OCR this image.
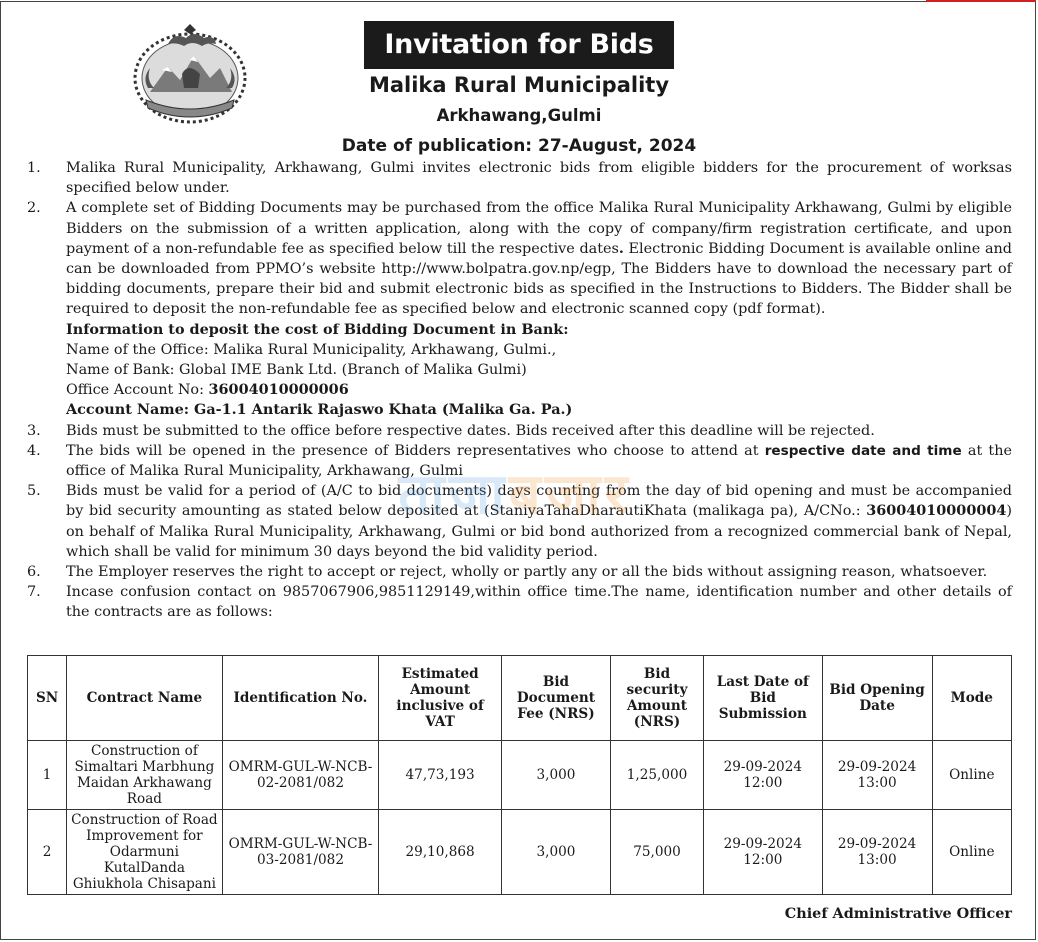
Invitation for Bids
Malika Rural Municipality
Arkhawang,Gulmi
Date of publication: 27-August, 2024
1.	Malika Rural Municipality, Arkhawang, Gulmi invites electronic bids from eligible bidders for the procurement of worksas specified below under.
2.	A complete set of Bidding Documents may be purchased from the office Malika Rural Municipality Arkhawang, Gulmi by eligible Bidders on the submission of a written application, along with the copy of company/firm registration certificate, and upon payment of a non-refundable fee as specified below till the respective dates. Electronic Bidding Document is available online and can be downloaded from PPMO’s website http://www.bolpatra.gov.np/egp, The Bidders have to download the necessary part of bidding documents, prepare their bid and submit electronic bids as specified in the Instructions to Bidders. The Bidder shall be required to deposit the non-refundable fee as specified below and electronic scanned copy (pdf format).
Information to deposit the cost of Bidding Document in Bank:
Name of the Office: Malika Rural Municipality, Arkhawang, Gulmi.,
Name of Bank: Global IME Bank Ltd. (Branch of Malika Gulmi)
Office Account No: 36004010000006
Account Name: Ga-1.1 Antarik Rajaswo Khata (Malika Ga. Pa.)
3.	Bids must be submitted to the office before respective dates. Bids received after this deadline will be rejected.
4.	The bids will be opened in the presence of Bidders representatives who choose to attend at respective date and time at the office of Malika Rural Municipality, Arkhawang, Gulmi
5.	Bids must be valid for a period of (A/C to bid documents) days counting from the day of bid opening and must be accompanied by bid security amounting as stated below deposited at (StaniyaTahaDharautiKhata (malikaga pa), A/CNo.: 36004010000004) on behalf of Malika Rural Municipality, Arkhawang, Gulmi or bid bond authorized from a recognized commercial bank of Nepal, which shall be valid for minimum 30 days beyond the bid validity period.
6.	The Employer reserves the right to accept or reject, wholly or partly any or all the bids without assigning reason, whatsoever.
7.	Incase confusion contact on 9857067906,9851129149,within office time.The name, identification number and other details of the contracts are as follows:
ताजाबजार
SN	Contract Name	Identification No.	Estimated Amount inclusive of VAT	Bid Document Fee (NRS)	Bid security Amount (NRS)	Last Date of Bid Submission	Bid Opening Date	Mode
1	Construction of Simaltari Marbhung Maidan Arkhawang Road	OMRM-GUL-W-NCB-02-2081/082	47,73,193	3,000	1,25,000	29-09-2024 12:00	29-09-2024 13:00	Online
2	Construction of Road Improvement for Odarmuni KutalDanda Ghiukhola Chisapani	OMRM-GUL-W-NCB-03-2081/082	29,10,868	3,000	75,000	29-09-2024 12:00	29-09-2024 13:00	Online
Chief Administrative Officer
